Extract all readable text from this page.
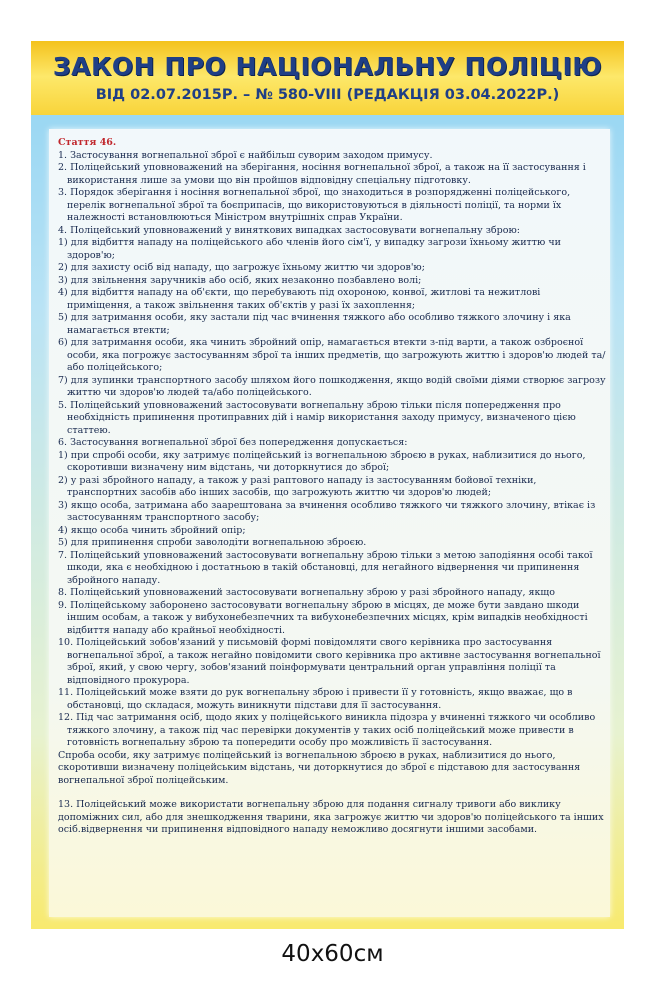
ЗАКОН ПРО НАЦІОНАЛЬНУ ПОЛІЦІЮ
ВІД 02.07.2015Р. – № 580-VIII (РЕДАКЦІЯ 03.04.2022Р.)
Стаття 46.

1. Застосування вогнепальної зброї є найбільш суворим заходом примусу.

2. Поліцейський уповноважений на зберігання, носіння вогнепальної зброї, а також на її застосування і використання лише за умови що він пройшов відповідну спеціальну підготовку.

3. Порядок зберігання і носіння вогнепальної зброї, що знаходиться в розпорядженні поліцейського, перелік вогнепальної зброї та боєприпасів, що використовуються в діяльності поліції, та норми їх належності встановлюються Міністром внутрішніх справ України.

4. Поліцейський уповноважений у винятковиx випадках застосовувати вогнепальну зброю:

1) для відбиття нападу на поліцейського або членів його сім'ї, у випадку загрози їхньому життю чи здоров'ю;

2) для захисту осіб від нападу, що загрожує їхньому життю чи здоров'ю;

3) для звільнення заручників або осіб, яких незаконно позбавлено волі;

4) для відбиття нападу на об'єкти, що перебувають під охороною, конвої, житлові та нежитлові приміщення, а також звільнення таких об'єктів у разі їх захоплення;

5) для затримання особи, яку застали під час вчинення тяжкого або особливо тяжкого злочину і яка намагається втекти;

6) для затримання особи, яка чинить збройний опір, намагається втекти з-під варти, а також озброєної особи, яка погрожує застосуванням зброї та інших предметів, що загрожують життю і здоров'ю людей та/або поліцейського;

7) для зупинки транспортного засобу шляхом його пошкодження, якщо водій своїми діями створює загрозу життю чи здоров'ю людей та/або поліцейського.

5. Поліцейський уповноважений застосовувати вогнепальну зброю тільки після попередження про необхідність припинення протиправних дій і намір використання заходу примусу, визначеного цією статтею.

6. Застосування вогнепальної зброї без попередження допускається:

1) при спробі особи, яку затримує поліцейський із вогнепальною зброєю в руках, наблизитися до нього, скоротивши визначену ним відстань, чи доторкнутися до зброї;

2) у разі збройного нападу, а також у разі раптового нападу із застосуванням бойової техніки, транспортних засобів або інших засобів, що загрожують життю чи здоров'ю людей;

3) якщо особа, затримана або заарештована за вчинення особливо тяжкого чи тяжкого злочину, втікає із застосуванням транспортного засобу;

4) якщо особа чинить збройний опір;

5) для припинення спроби заволодіти вогнепальною зброєю.

7. Поліцейський уповноважений застосовувати вогнепальну зброю тільки з метою заподіяння особі такої шкоди, яка є необхідною і достатньою в такій обстановці, для негайного відвернення чи припинення збройного нападу.

8. Поліцейський уповноважений застосовувати вогнепальну зброю у разі збройного нападу, якщо

9. Поліцейському заборонено застосовувати вогнепальну зброю в місцях, де може бути завдано шкоди іншим особам, а також у вибухонебезпечних та вибухонебезпечних місцях, крім випадків необхідності відбиття нападу або крайньої необхідності.

10. Поліцейський зобов'язаний у письмовій формі повідомляти свого керівника про застосування вогнепальної зброї, а також негайно повідомити свого керівника про активне застосування вогнепальної зброї, який, у свою чергу, зобов'язаний поінформувати центральний орган управління поліції та відповідного прокурора.

11. Поліцейський може взяти до рук вогнепальну зброю і привести її у готовність, якщо вважає, що в обстановці, що складася, можуть виникнути підстави для її застосування.

12. Під час затримання осіб, щодо яких у поліцейського виникла підозра у вчиненні тяжкого чи особливо тяжкого злочину, а також під час перевірки документів у таких осіб поліцейський може привести в готовність вогнепальну зброю та попередити особу про можливість її застосування.

Спроба особи, яку затримує поліцейський із вогнепальною зброєю в руках, наблизитися до нього, скоротивши визначену поліцейським відстань, чи доторкнутися до зброї є підставою для застосування вогнепальної зброї поліцейським.

13. Поліцейський може використати вогнепальну зброю для подання сигналу тривоги або виклику допоміжних сил, або для знешкодження тварини, яка загрожує життю чи здоров'ю поліцейського та інших осіб.відвернення чи припинення відповідного нападу неможливо досягнути іншими засобами.

40x60см
